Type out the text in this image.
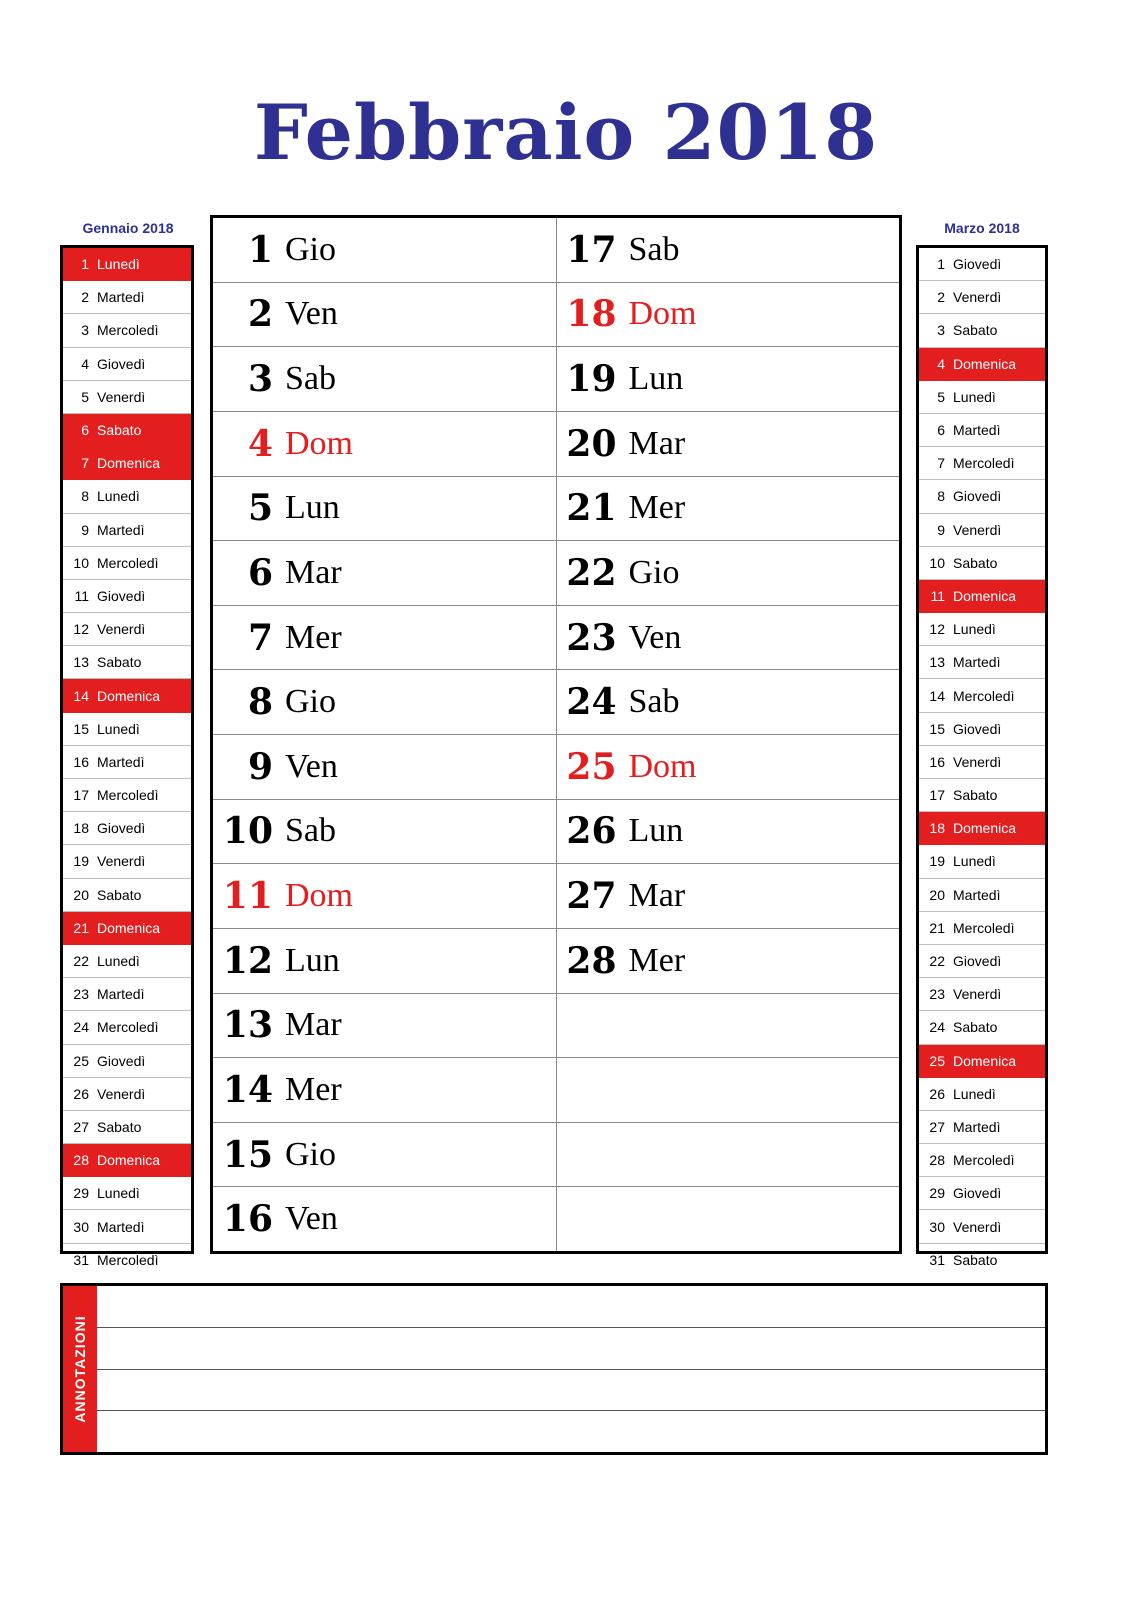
Febbraio 2018
Gennaio 2018
1 Lunedì
2 Martedì
3 Mercoledì
4 Giovedì
5 Venerdì
6 Sabato
7 Domenica
8 Lunedì
9 Martedì
10 Mercoledì
11 Giovedì
12 Venerdì
13 Sabato
14 Domenica
15 Lunedì
16 Martedì
17 Mercoledì
18 Giovedì
19 Venerdì
20 Sabato
21 Domenica
22 Lunedì
23 Martedì
24 Mercoledì
25 Giovedì
26 Venerdì
27 Sabato
28 Domenica
29 Lunedì
30 Martedì
31 Mercoledì
1 Gio
2 Ven
3 Sab
4 Dom
5 Lun
6 Mar
7 Mer
8 Gio
9 Ven
10 Sab
11 Dom
12 Lun
13 Mar
14 Mer
15 Gio
16 Ven
17 Sab
18 Dom
19 Lun
20 Mar
21 Mer
22 Gio
23 Ven
24 Sab
25 Dom
26 Lun
27 Mar
28 Mer
Marzo 2018
1 Giovedì
2 Venerdì
3 Sabato
4 Domenica
5 Lunedì
6 Martedì
7 Mercoledì
8 Giovedì
9 Venerdì
10 Sabato
11 Domenica
12 Lunedì
13 Martedì
14 Mercoledì
15 Giovedì
16 Venerdì
17 Sabato
18 Domenica
19 Lunedì
20 Martedì
21 Mercoledì
22 Giovedì
23 Venerdì
24 Sabato
25 Domenica
26 Lunedì
27 Martedì
28 Mercoledì
29 Giovedì
30 Venerdì
31 Sabato
ANNOTAZIONI
